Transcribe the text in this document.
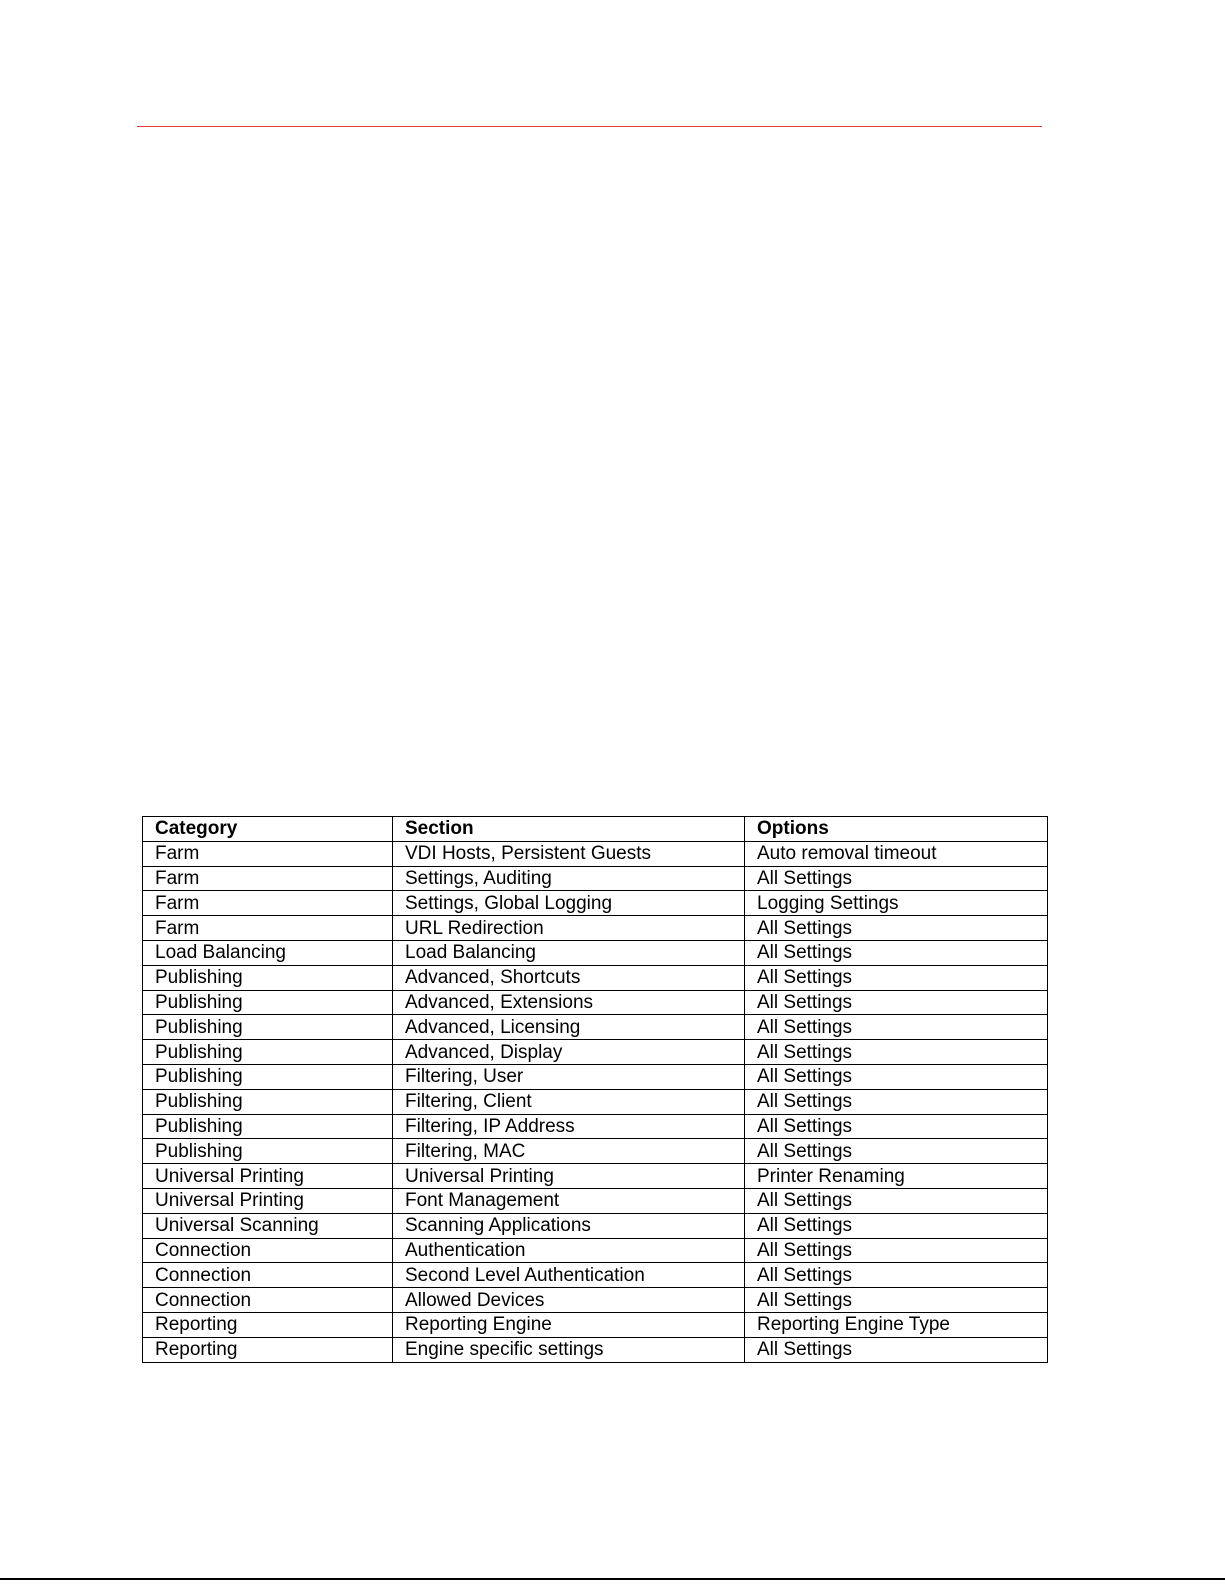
Category	Section	Options
Farm	VDI Hosts, Persistent Guests	Auto removal timeout
Farm	Settings, Auditing	All Settings
Farm	Settings, Global Logging	Logging Settings
Farm	URL Redirection	All Settings
Load Balancing	Load Balancing	All Settings
Publishing	Advanced, Shortcuts	All Settings
Publishing	Advanced, Extensions	All Settings
Publishing	Advanced, Licensing	All Settings
Publishing	Advanced, Display	All Settings
Publishing	Filtering, User	All Settings
Publishing	Filtering, Client	All Settings
Publishing	Filtering, IP Address	All Settings
Publishing	Filtering, MAC	All Settings
Universal Printing	Universal Printing	Printer Renaming
Universal Printing	Font Management	All Settings
Universal Scanning	Scanning Applications	All Settings
Connection	Authentication	All Settings
Connection	Second Level Authentication	All Settings
Connection	Allowed Devices	All Settings
Reporting	Reporting Engine	Reporting Engine Type
Reporting	Engine specific settings	All Settings
